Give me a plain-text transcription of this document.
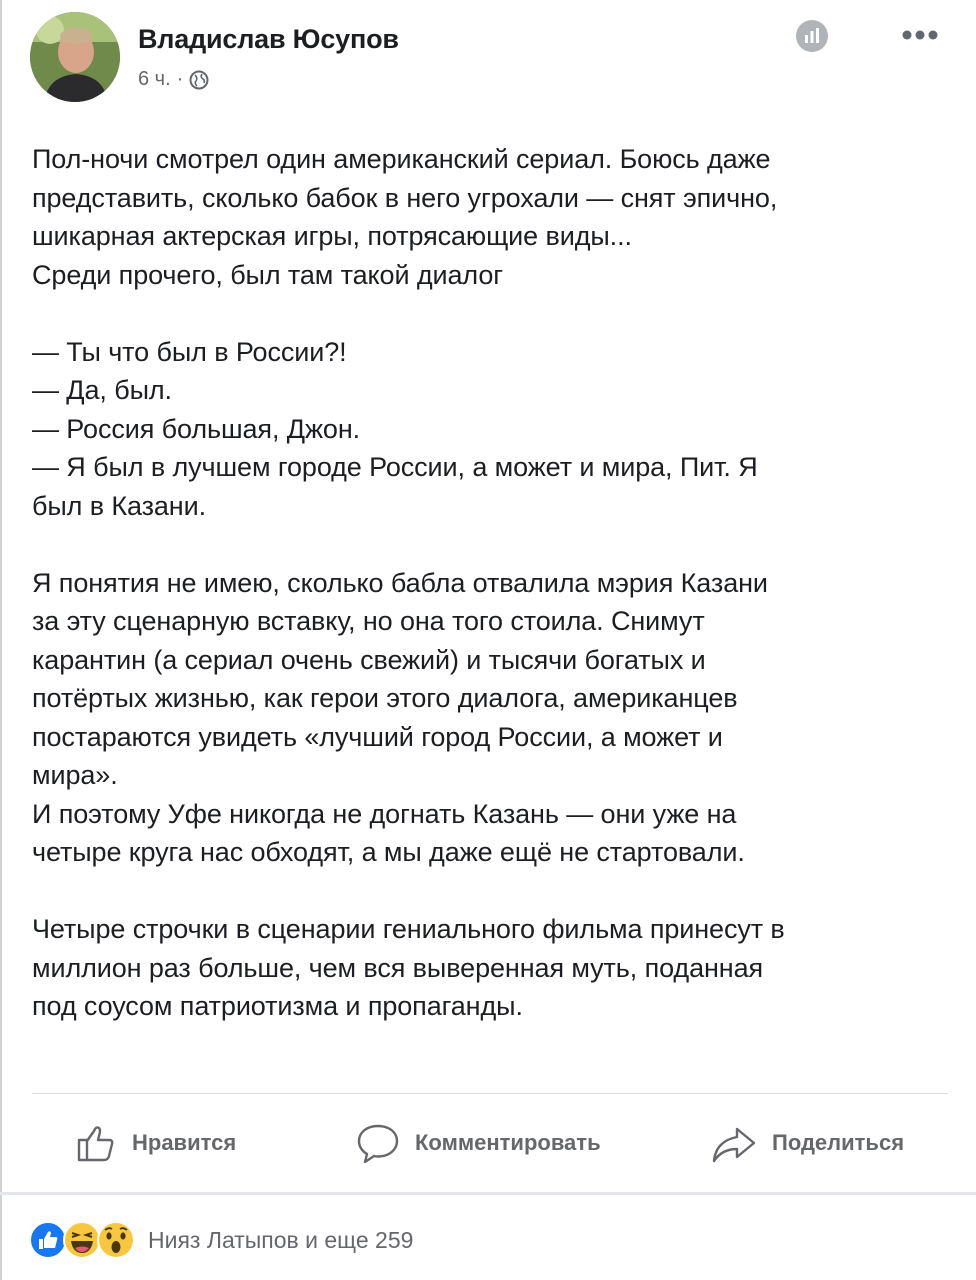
Владислав Юсупов
6 ч. ·

Пол-ночи смотрел один американский сериал. Боюсь даже
представить, сколько бабок в него угрохали — снят эпично,
шикарная актерская игры, потрясающие виды...
Среди прочего, был там такой диалог

— Ты что был в России?!
— Да, был.
— Россия большая, Джон.
— Я был в лучшем городе России, а может и мира, Пит. Я
был в Казани.

Я понятия не имею, сколько бабла отвалила мэрия Казани
за эту сценарную вставку, но она того стоила. Снимут
карантин (а сериал очень свежий) и тысячи богатых и
потёртых жизнью, как герои этого диалога, американцев
постараются увидеть «лучший город России, а может и
мира».
И поэтому Уфе никогда не догнать Казань — они уже на
четыре круга нас обходят, а мы даже ещё не стартовали.

Четыре строчки в сценарии гениального фильма принесут в
миллион раз больше, чем вся выверенная муть, поданная
под соусом патриотизма и пропаганды.

Нравится	Комментировать	Поделиться
Нияз Латыпов и еще 259
